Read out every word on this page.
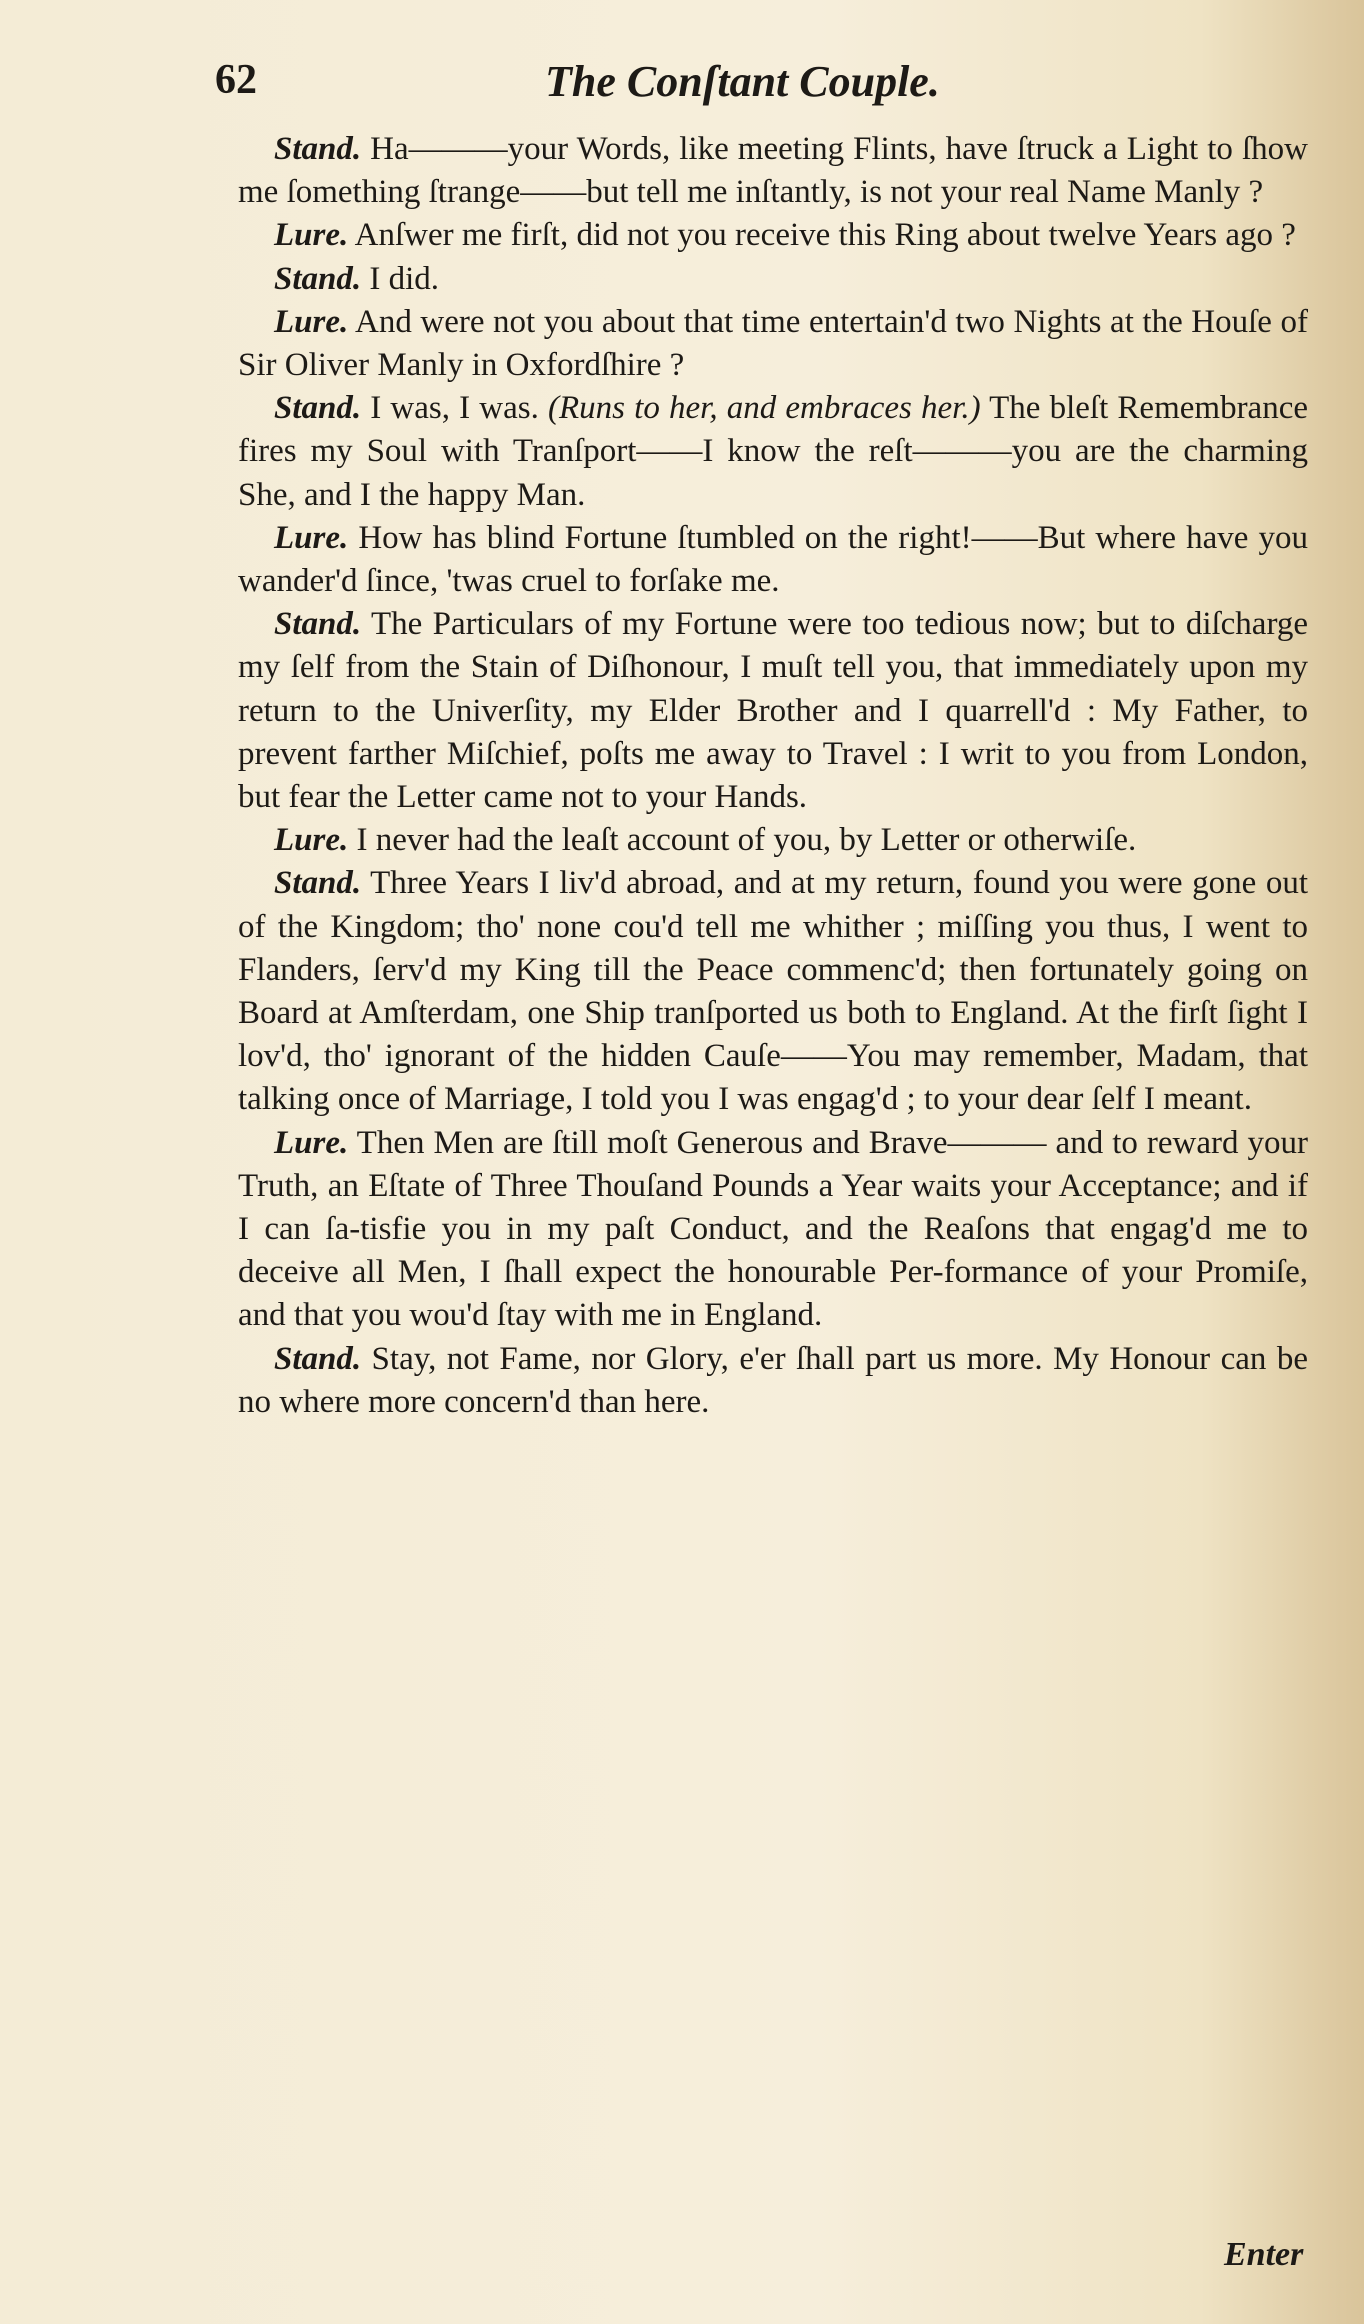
62	The Conſtant Couple.

Stand. Ha———your Words, like meeting Flints, have ſtruck a Light to ſhow me ſomething ſtrange——but tell me inſtantly, is not your real Name Manly ?

Lure. Anſwer me firſt, did not you receive this Ring about twelve Years ago ?

Stand. I did.

Lure. And were not you about that time entertain'd two Nights at the Houſe of Sir Oliver Manly in Oxfordſhire ?

Stand. I was, I was. (Runs to her, and embraces her.) The bleſt Remembrance fires my Soul with Tranſport——I know the reſt———you are the charming She, and I the happy Man.

Lure. How has blind Fortune ſtumbled on the right!——But where have you wander'd ſince, 'twas cruel to forſake me.

Stand. The Particulars of my Fortune were too tedious now; but to diſcharge my ſelf from the Stain of Diſhonour, I muſt tell you, that immediately upon my return to the Univerſity, my Elder Brother and I quarrell'd : My Father, to prevent farther Miſchief, poſts me away to Travel : I writ to you from London, but fear the Letter came not to your Hands.

Lure. I never had the leaſt account of you, by Letter or otherwiſe.

Stand. Three Years I liv'd abroad, and at my return, found you were gone out of the Kingdom; tho' none cou'd tell me whither ; miſſing you thus, I went to Flanders, ſerv'd my King till the Peace commenc'd; then fortunately going on Board at Amſterdam, one Ship tranſported us both to England. At the firſt ſight I lov'd, tho' ignorant of the hidden Cauſe——You may remember, Madam, that talking once of Marriage, I told you I was engag'd ; to your dear ſelf I meant.

Lure. Then Men are ſtill moſt Generous and Brave——— and to reward your Truth, an Eſtate of Three Thouſand Pounds a Year waits your Acceptance; and if I can ſa-tisfie you in my paſt Conduct, and the Reaſons that engag'd me to deceive all Men, I ſhall expect the honourable Per-formance of your Promiſe, and that you wou'd ſtay with me in England.

Stand. Stay, not Fame, nor Glory, e'er ſhall part us more. My Honour can be no where more concern'd than here.

Enter
